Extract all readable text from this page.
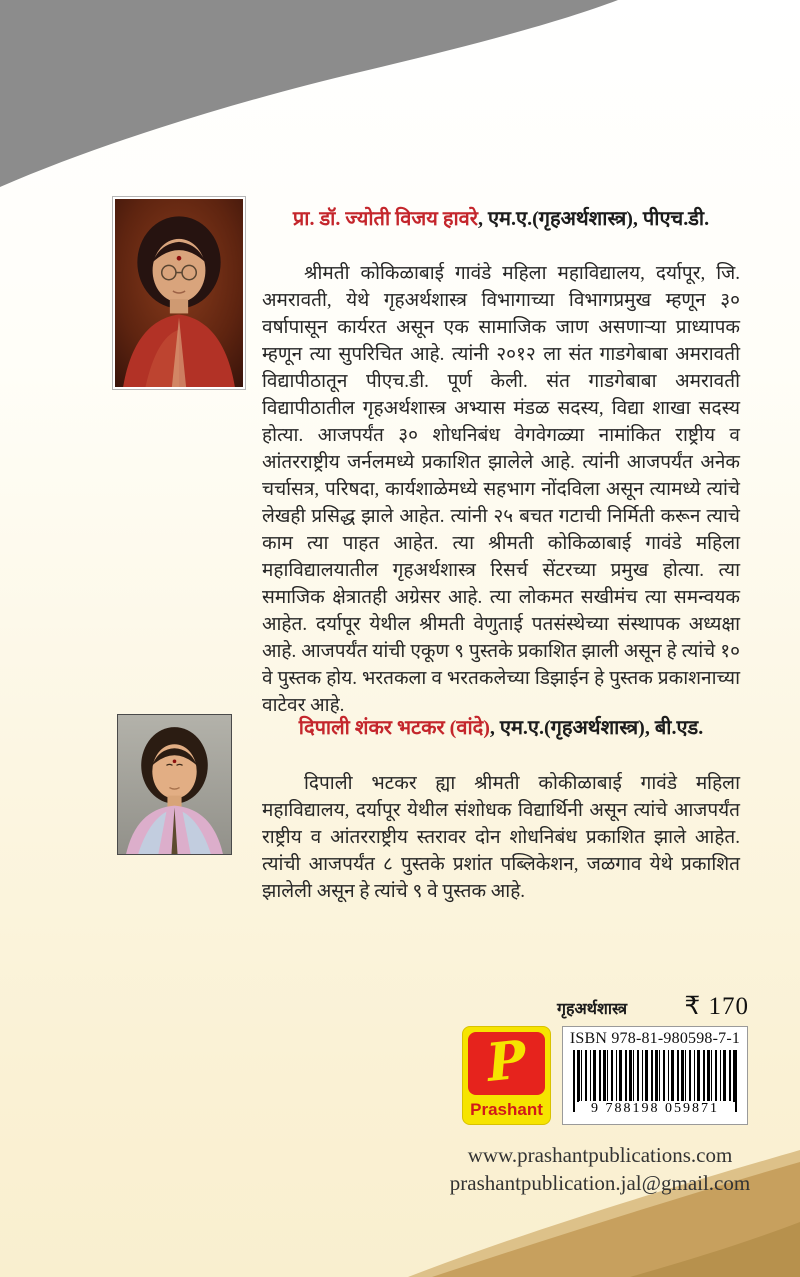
प्रा. डॉ. ज्योती विजय हावरे, एम.ए.(गृहअर्थशास्त्र), पीएच.डी.

श्रीमती कोकिळाबाई गावंडे महिला महाविद्यालय, दर्यापूर, जि. अमरावती, येथे गृहअर्थशास्त्र विभागाच्या विभागप्रमुख म्हणून ३० वर्षापासून कार्यरत असून एक सामाजिक जाण असणाऱ्या प्राध्यापक म्हणून त्या सुपरिचित आहे. त्यांनी २०१२ ला संत गाडगेबाबा अमरावती विद्यापीठातून पीएच.डी. पूर्ण केली. संत गाडगेबाबा अमरावती विद्यापीठातील गृहअर्थशास्त्र अभ्यास मंडळ सदस्य, विद्या शाखा सदस्य होत्या. आजपर्यंत ३० शोधनिबंध वेगवेगळ्या नामांकित राष्ट्रीय व आंतरराष्ट्रीय जर्नलमध्ये प्रकाशित झालेले आहे. त्यांनी आजपर्यंत अनेक चर्चासत्र, परिषदा, कार्यशाळेमध्ये सहभाग नोंदविला असून त्यामध्ये त्यांचे लेखही प्रसिद्ध झाले आहेत. त्यांनी २५ बचत गटाची निर्मिती करून त्याचे काम त्या पाहत आहेत. त्या श्रीमती कोकिळाबाई गावंडे महिला महाविद्यालयातील गृहअर्थशास्त्र रिसर्च सेंटरच्या प्रमुख होत्या. त्या समाजिक क्षेत्रातही अग्रेसर आहे. त्या लोकमत सखीमंच त्या समन्वयक आहेत. दर्यापूर येथील श्रीमती वेणुताई पतसंस्थेच्या संस्थापक अध्यक्षा आहे. आजपर्यंत यांची एकूण ९ पुस्तके प्रकाशित झाली असून हे त्यांचे १० वे पुस्तक होय. भरतकला व भरतकलेच्या डिझाईन हे पुस्तक प्रकाशनाच्या वाटेवर आहे.

दिपाली शंकर भटकर (वांदे), एम.ए.(गृहअर्थशास्त्र), बी.एड.

दिपाली भटकर ह्या श्रीमती कोकीळाबाई गावंडे महिला महाविद्यालय, दर्यापूर येथील संशोधक विद्यार्थिनी असून त्यांचे आजपर्यंत राष्ट्रीय व आंतरराष्ट्रीय स्तरावर दोन शोधनिबंध प्रकाशित झाले आहेत. त्यांची आजपर्यंत ८ पुस्तके प्रशांत पब्लिकेशन, जळगाव येथे प्रकाशित झालेली असून हे त्यांचे ९ वे पुस्तक आहे.

गृहअर्थशास्त्र ₹ 170
P
Prashant
ISBN 978-81-980598-7-1
9 788198 059871
www.prashantpublications.com
prashantpublication.jal@gmail.com
